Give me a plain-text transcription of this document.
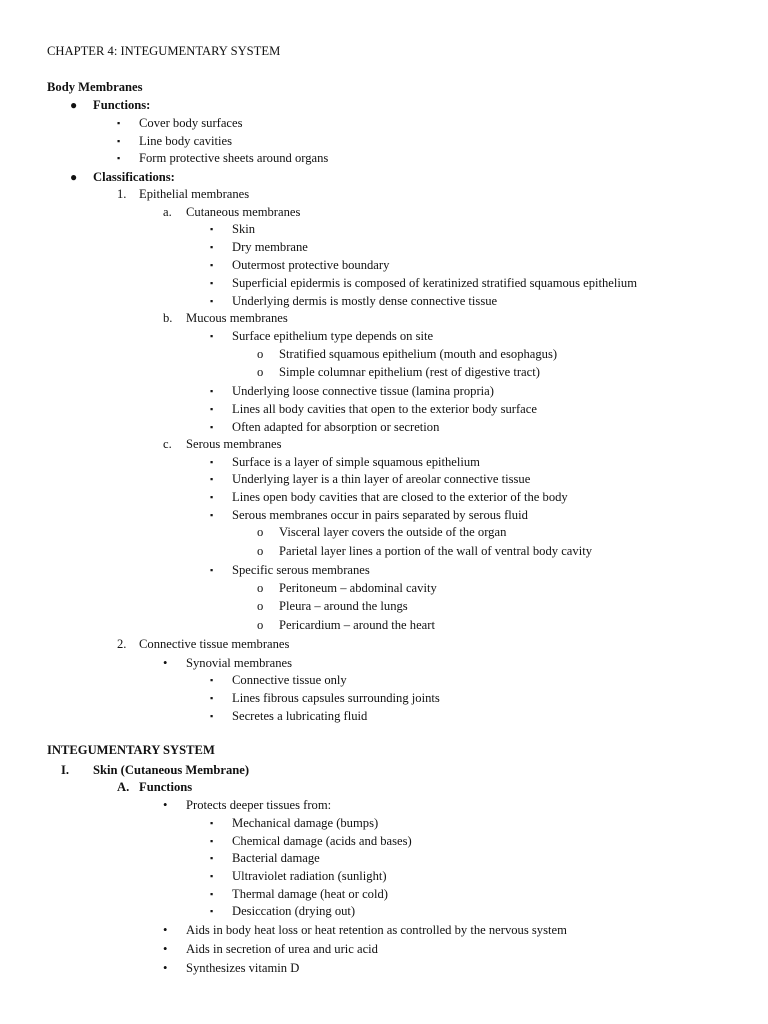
CHAPTER 4: INTEGUMENTARY SYSTEM
Body Membranes
● Functions:
▪ Cover body surfaces
▪ Line body cavities
▪ Form protective sheets around organs
● Classifications:
1. Epithelial membranes
a. Cutaneous membranes
▪ Skin
▪ Dry membrane
▪ Outermost protective boundary
▪ Superficial epidermis is composed of keratinized stratified squamous epithelium
▪ Underlying dermis is mostly dense connective tissue
b. Mucous membranes
▪ Surface epithelium type depends on site
o Stratified squamous epithelium (mouth and esophagus)
o Simple columnar epithelium (rest of digestive tract)
▪ Underlying loose connective tissue (lamina propria)
▪ Lines all body cavities that open to the exterior body surface
▪ Often adapted for absorption or secretion
c. Serous membranes
▪ Surface is a layer of simple squamous epithelium
▪ Underlying layer is a thin layer of areolar connective tissue
▪ Lines open body cavities that are closed to the exterior of the body
▪ Serous membranes occur in pairs separated by serous fluid
o Visceral layer covers the outside of the organ
o Parietal layer lines a portion of the wall of ventral body cavity
▪ Specific serous membranes
o Peritoneum – abdominal cavity
o Pleura – around the lungs
o Pericardium – around the heart
2. Connective tissue membranes
• Synovial membranes
▪ Connective tissue only
▪ Lines fibrous capsules surrounding joints
▪ Secretes a lubricating fluid
INTEGUMENTARY SYSTEM
I. Skin (Cutaneous Membrane)
A. Functions
• Protects deeper tissues from:
▪ Mechanical damage (bumps)
▪ Chemical damage (acids and bases)
▪ Bacterial damage
▪ Ultraviolet radiation (sunlight)
▪ Thermal damage (heat or cold)
▪ Desiccation (drying out)
• Aids in body heat loss or heat retention as controlled by the nervous system
• Aids in secretion of urea and uric acid
• Synthesizes vitamin D
